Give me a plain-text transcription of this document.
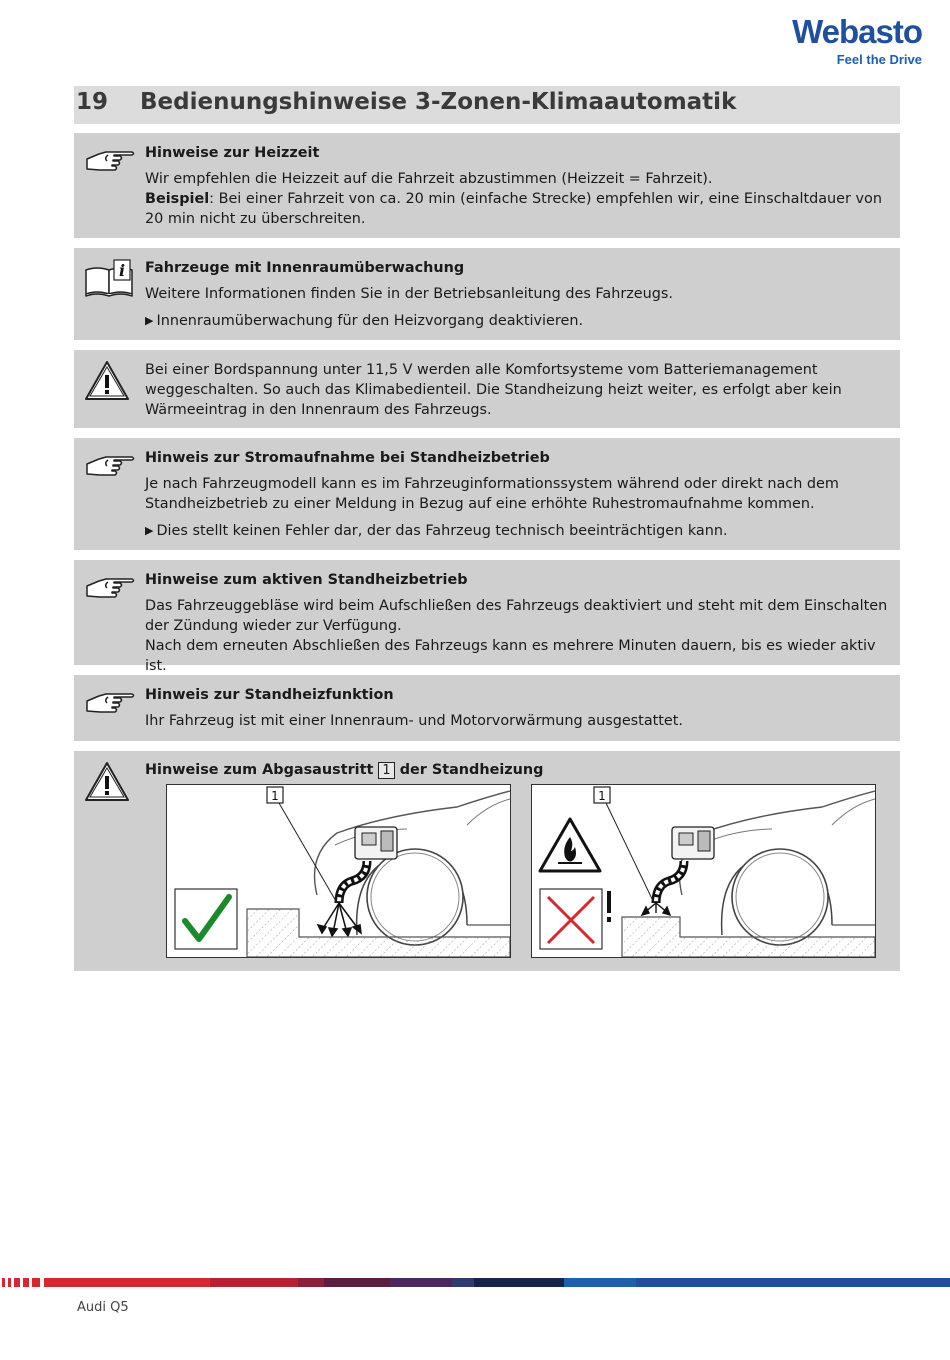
Webasto
Feel the Drive
19 Bedienungshinweise 3-Zonen-Klimaautomatik
Hinweise zur Heizzeit

Wir empfehlen die Heizzeit auf die Fahrzeit abzustimmen (Heizzeit = Fahrzeit).

Beispiel: Bei einer Fahrzeit von ca. 20 min (einfache Strecke) empfehlen wir, eine Einschaltdauer von 20 min nicht zu überschreiten.

i Fahrzeuge mit Innenraumüberwachung

Weitere Informationen finden Sie in der Betriebsanleitung des Fahrzeugs.

▶ Innenraumüberwachung für den Heizvorgang deaktivieren.

Bei einer Bordspannung unter 11,5 V werden alle Komfortsysteme vom Batteriemanagement weggeschalten. So auch das Klimabedienteil. Die Standheizung heizt weiter, es erfolgt aber kein Wärmeeintrag in den Innenraum des Fahrzeugs.

Hinweis zur Stromaufnahme bei Standheizbetrieb

Je nach Fahrzeugmodell kann es im Fahrzeuginformationssystem während oder direkt nach dem Standheizbetrieb zu einer Meldung in Bezug auf eine erhöhte Ruhestromaufnahme kommen.

▶ Dies stellt keinen Fehler dar, der das Fahrzeug technisch beeinträchtigen kann.

Hinweise zum aktiven Standheizbetrieb

Das Fahrzeuggebläse wird beim Aufschließen des Fahrzeugs deaktiviert und steht mit dem Einschalten der Zündung wieder zur Verfügung.

Nach dem erneuten Abschließen des Fahrzeugs kann es mehrere Minuten dauern, bis es wieder aktiv ist.

Hinweis zur Standheizfunktion

Ihr Fahrzeug ist mit einer Innenraum- und Motorvorwärmung ausgestattet.

Hinweise zum Abgasaustritt 1 der Standheizung
1	1
Audi Q5
